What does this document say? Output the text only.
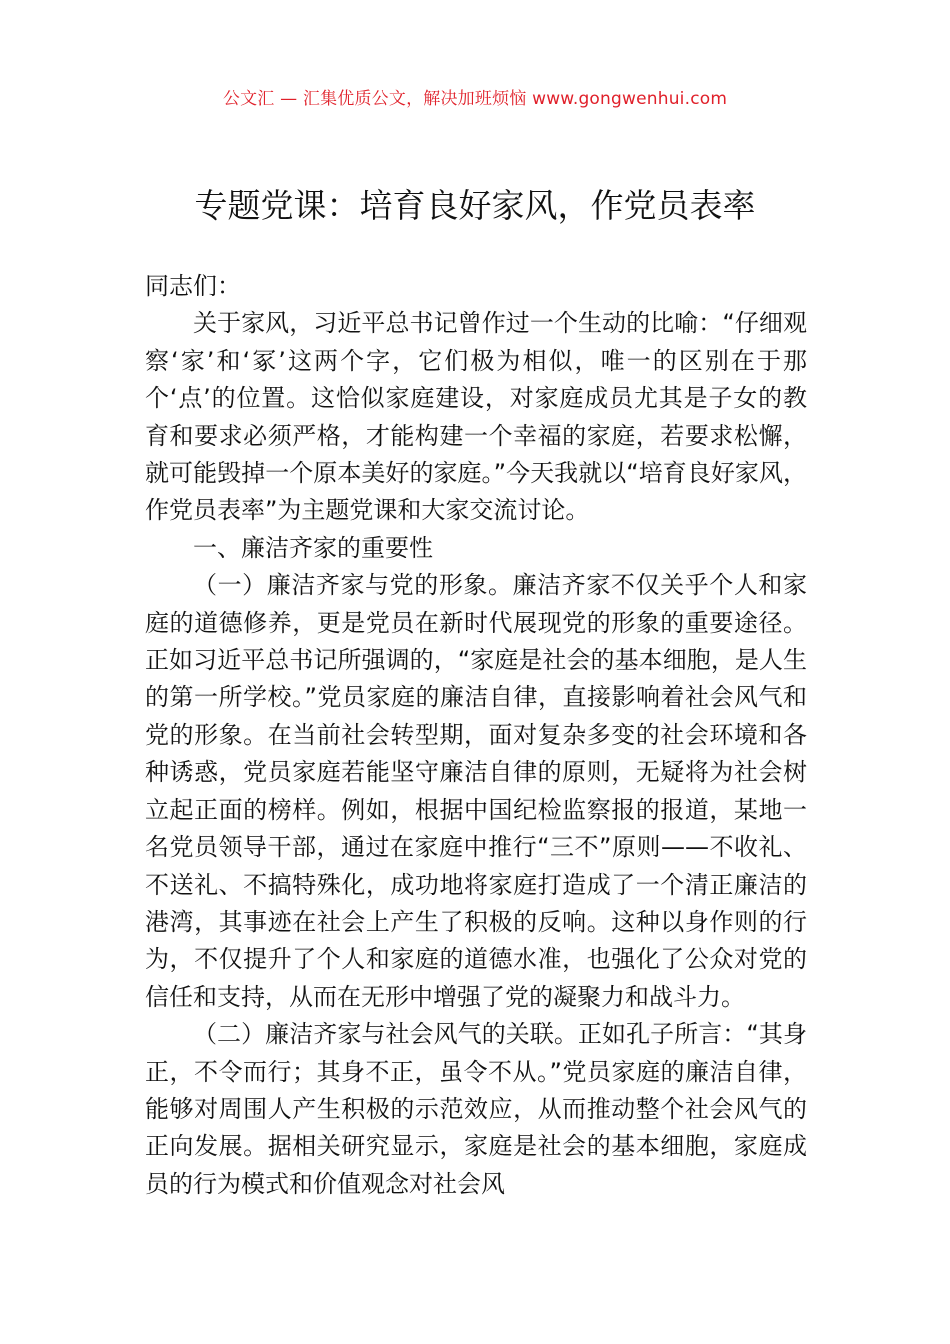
公文汇 — 汇集优质公文，解决加班烦恼 www.gongwenhui.com
专题党课：培育良好家风，作党员表率

同志们：

关于家风，习近平总书记曾作过一个生动的比喻：“仔细观察‘家’和‘冢’这两个字，它们极为相似，唯一的区别在于那个‘点’的位置。这恰似家庭建设，对家庭成员尤其是子女的教育和要求必须严格，才能构建一个幸福的家庭，若要求松懈，就可能毁掉一个原本美好的家庭。”今天我就以“培育良好家风，作党员表率”为主题党课和大家交流讨论。

一、廉洁齐家的重要性

（一）廉洁齐家与党的形象。廉洁齐家不仅关乎个人和家庭的道德修养，更是党员在新时代展现党的形象的重要途径。正如习近平总书记所强调的，“家庭是社会的基本细胞，是人生的第一所学校。”党员家庭的廉洁自律，直接影响着社会风气和党的形象。在当前社会转型期，面对复杂多变的社会环境和各种诱惑，党员家庭若能坚守廉洁自律的原则，无疑将为社会树立起正面的榜样。例如，根据中国纪检监察报的报道，某地一名党员领导干部，通过在家庭中推行“三不”原则——不收礼、不送礼、不搞特殊化，成功地将家庭打造成了一个清正廉洁的港湾，其事迹在社会上产生了积极的反响。这种以身作则的行为，不仅提升了个人和家庭的道德水准，也强化了公众对党的信任和支持，从而在无形中增强了党的凝聚力和战斗力。

（二）廉洁齐家与社会风气的关联。正如孔子所言：“其身正，不令而行；其身不正，虽令不从。”党员家庭的廉洁自律，能够对周围人产生积极的示范效应，从而推动整个社会风气的正向发展。据相关研究显示，家庭是社会的基本细胞，家庭成员的行为模式和价值观念对社会风
